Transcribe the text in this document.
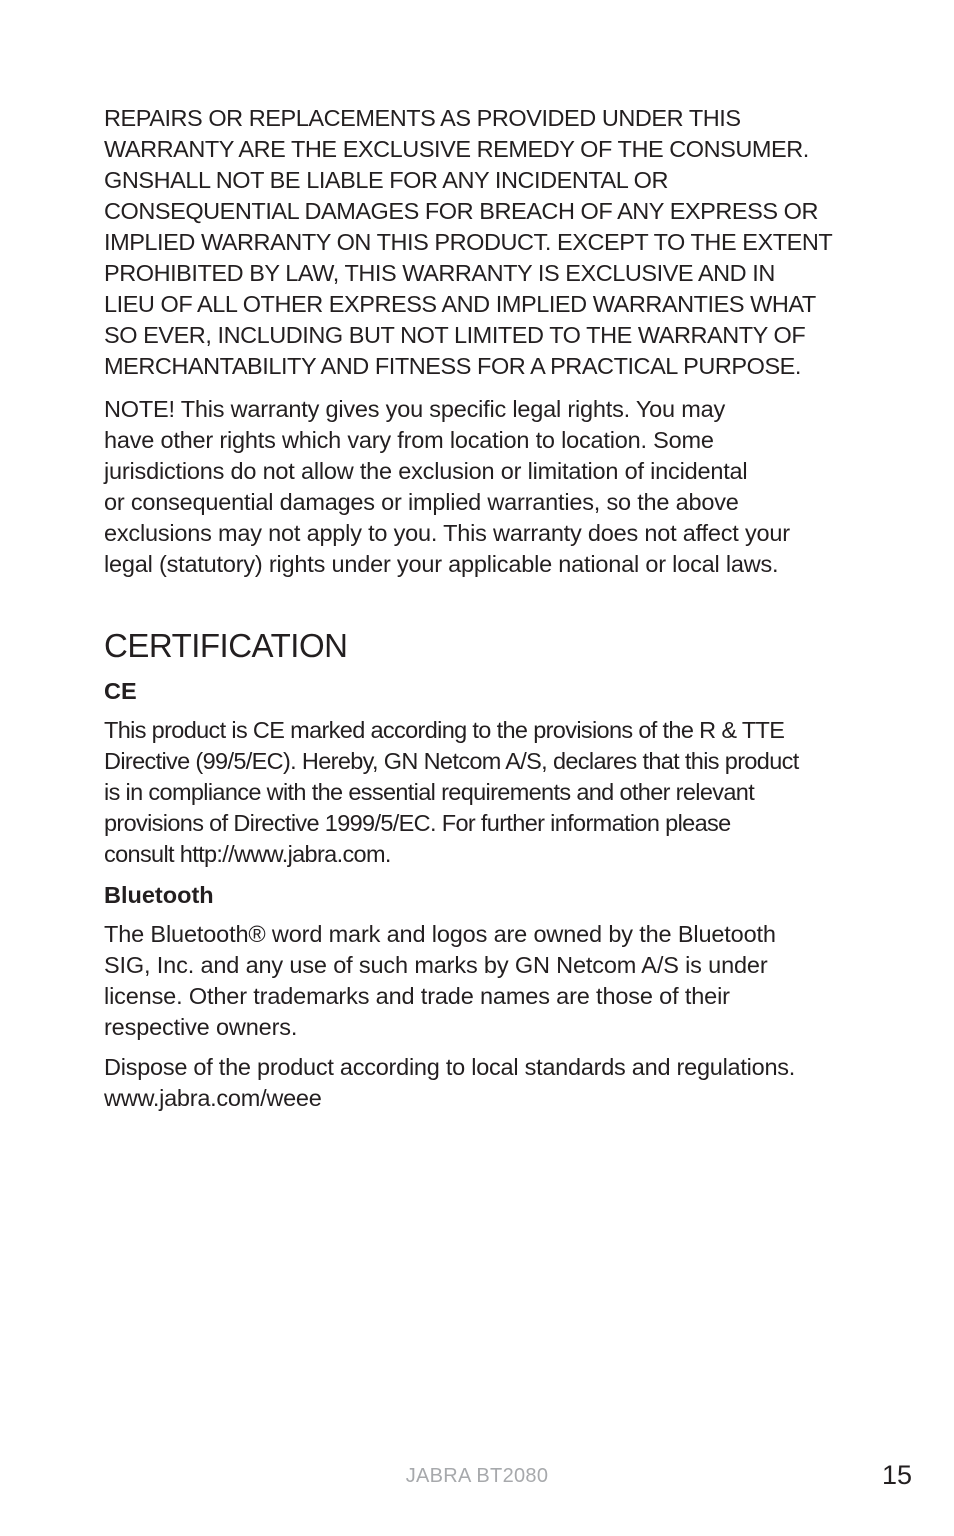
REPAIRS OR REPLACEMENTS AS PROVIDED UNDER THIS
WARRANTY ARE THE EXCLUSIVE REMEDY OF THE CONSUMER.
GNSHALL NOT BE LIABLE FOR ANY INCIDENTAL OR
CONSEQUENTIAL DAMAGES FOR BREACH OF ANY EXPRESS OR
IMPLIED WARRANTY ON THIS PRODUCT. EXCEPT TO THE EXTENT
PROHIBITED BY LAW, THIS WARRANTY IS EXCLUSIVE AND IN
LIEU OF ALL OTHER EXPRESS AND IMPLIED WARRANTIES WHAT
SO EVER, INCLUDING BUT NOT LIMITED TO THE WARRANTY OF
MERCHANTABILITY AND FITNESS FOR A PRACTICAL PURPOSE.

NOTE! This warranty gives you specific legal rights. You may
have other rights which vary from location to location. Some
jurisdictions do not allow the exclusion or limitation of incidental
or consequential damages or implied warranties, so the above
exclusions may not apply to you. This warranty does not affect your
legal (statutory) rights under your applicable national or local laws.

CERTIFICATION
CE

This product is CE marked according to the provisions of the R & TTE
Directive (99/5/EC). Hereby, GN Netcom A/S, declares that this product
is in compliance with the essential requirements and other relevant
provisions of Directive 1999/5/EC. For further information please
consult http://www.jabra.com.

Bluetooth

The Bluetooth® word mark and logos are owned by the Bluetooth
SIG, Inc. and any use of such marks by GN Netcom A/S is under
license. Other trademarks and trade names are those of their
respective owners.

Dispose of the product according to local standards and regulations.
www.jabra.com/weee

JABRA BT2080	15
